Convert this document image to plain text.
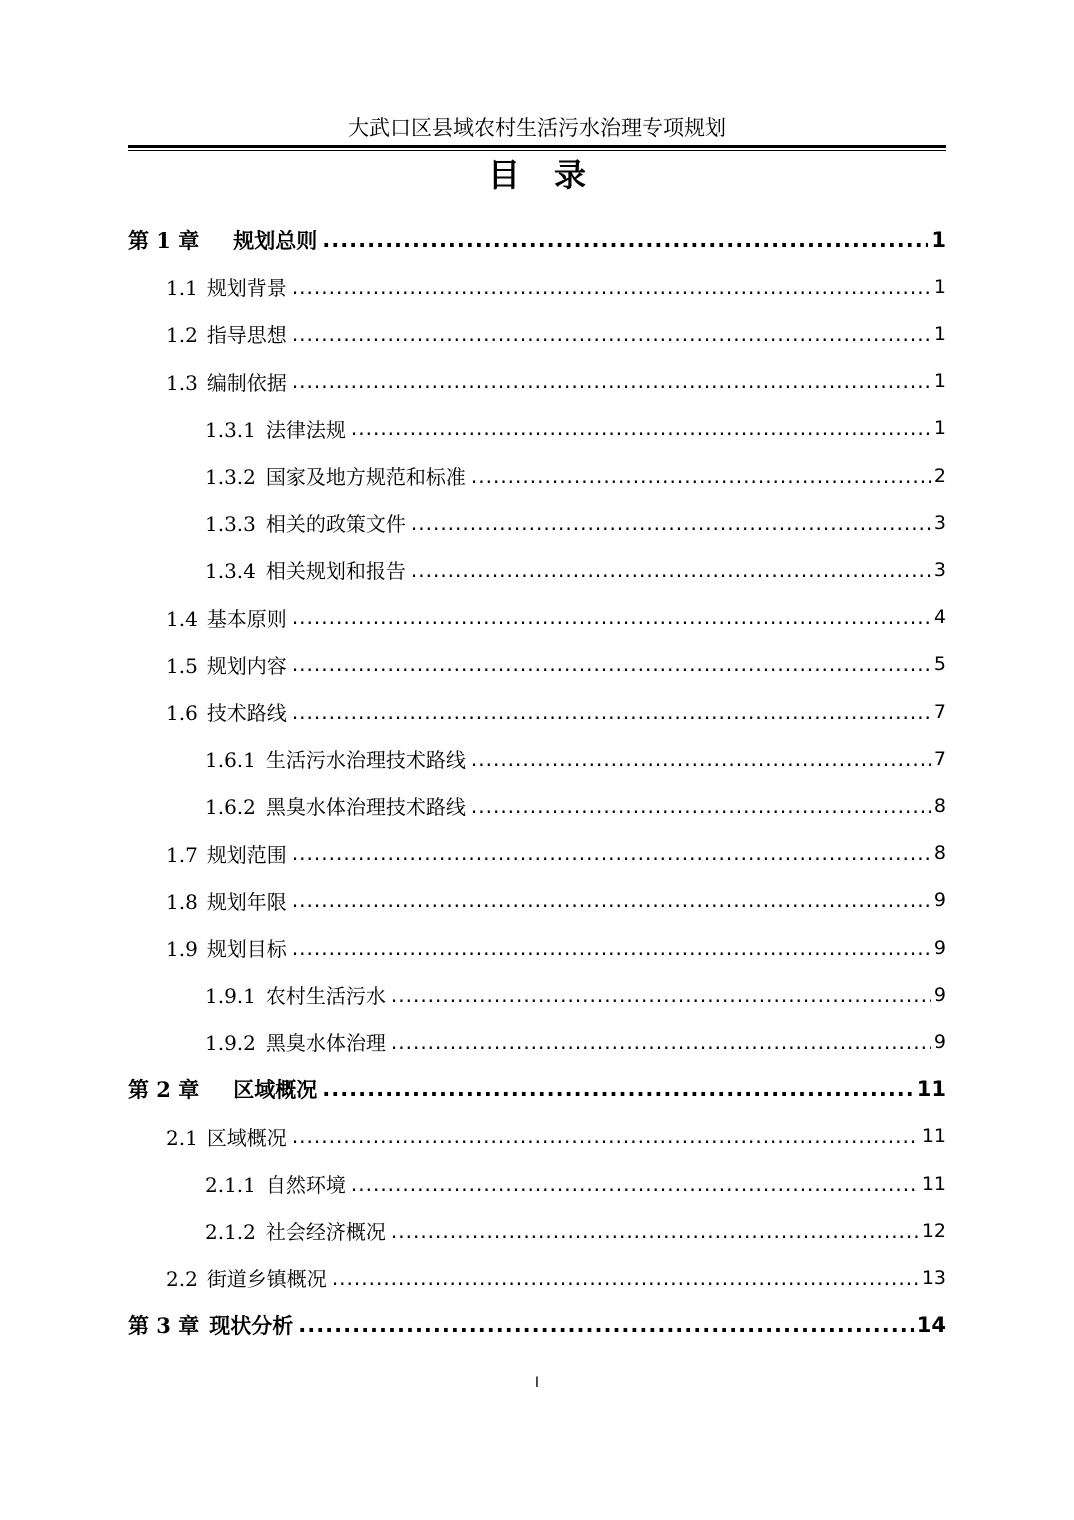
大武口区县域农村生活污水治理专项规划
目录
第 1 章 规划总则 .....	1
1.1 规划背景 .....	1
1.2 指导思想 .....	1
1.3 编制依据 .....	1
1.3.1 法律法规 .....	1
1.3.2 国家及地方规范和标准 .....	2
1.3.3 相关的政策文件 .....	3
1.3.4 相关规划和报告 .....	3
1.4 基本原则 .....	4
1.5 规划内容 .....	5
1.6 技术路线 .....	7
1.6.1 生活污水治理技术路线 .....	7
1.6.2 黑臭水体治理技术路线 .....	8
1.7 规划范围 .....	8
1.8 规划年限 .....	9
1.9 规划目标 .....	9
1.9.1 农村生活污水 .....	9
1.9.2 黑臭水体治理 .....	9
第 2 章 区域概况 .....	11
2.1 区域概况 .....	11
2.1.1 自然环境 .....	11
2.1.2 社会经济概况 .....	12
2.2 街道乡镇概况 .....	13
第 3 章 现状分析 .....	14
I
